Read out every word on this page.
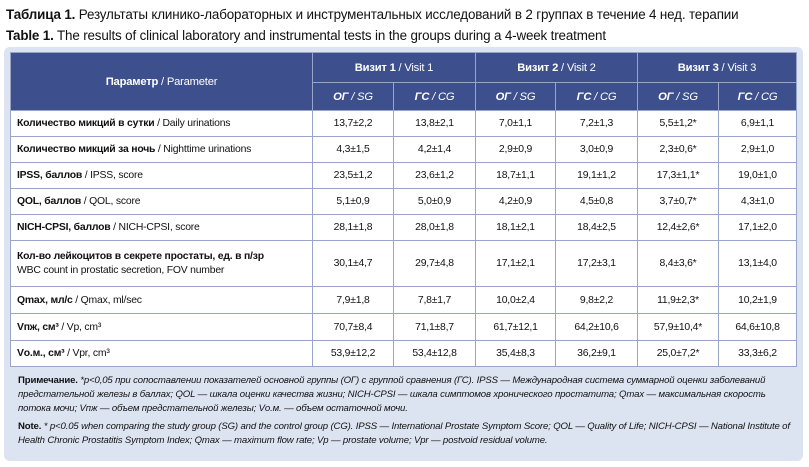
Таблица 1. Результаты клинико-лабораторных и инструментальных исследований в 2 группах в течение 4 нед. терапии
Table 1. The results of clinical laboratory and instrumental tests in the groups during a 4-week treatment
Параметр / Parameter	Визит 1 / Visit 1		Визит 2 / Visit 2		Визит 3 / Visit 3	
	ОГ / SG	ГС / CG	ОГ / SG	ГС / CG	ОГ / SG	ГС / CG
Количество микций в сутки / Daily urinations	13,7±2,2	13,8±2,1	7,0±1,1	7,2±1,3	5,5±1,2*	6,9±1,1
Количество микций за ночь / Nighttime urinations	4,3±1,5	4,2±1,4	2,9±0,9	3,0±0,9	2,3±0,6*	2,9±1,0
IPSS, баллов / IPSS, score	23,5±1,2	23,6±1,2	18,7±1,1	19,1±1,2	17,3±1,1*	19,0±1,0
QOL, баллов / QOL, score	5,1±0,9	5,0±0,9	4,2±0,9	4,5±0,8	3,7±0,7*	4,3±1,0
NICH-CPSI, баллов / NICH-CPSI, score	28,1±1,8	28,0±1,8	18,1±2,1	18,4±2,5	12,4±2,6*	17,1±2,0
Кол-во лейкоцитов в секрете простаты, ед. в п/зр
WBC count in prostatic secretion, FOV number	30,1±4,7	29,7±4,8	17,1±2,1	17,2±3,1	8,4±3,6*	13,1±4,0
Qmax, мл/с / Qmax, ml/sec	7,9±1,8	7,8±1,7	10,0±2,4	9,8±2,2	11,9±2,3*	10,2±1,9
Vпж, см³ / Vp, cm³	70,7±8,4	71,1±8,7	61,7±12,1	64,2±10,6	57,9±10,4*	64,6±10,8
Vо.м., см³ / Vpr, cm³	53,9±12,2	53,4±12,8	35,4±8,3	36,2±9,1	25,0±7,2*	33,3±6,2
Примечание. *р<0,05 при сопоставлении показателей основной группы (ОГ) с группой сравнения (ГС). IPSS — Международная система суммарной оценки заболеваний предстательной железы в баллах; QOL — шкала оценки качества жизни; NICH-CPSI — шкала симптомов хронического простатита; Qmax — максимальная скорость потока мочи; Vпж — объем предстательной железы; Vо.м. — объем остаточной мочи.
Note. * p<0.05 when comparing the study group (SG) and the control group (CG). IPSS — International Prostate Symptom Score; QOL — Quality of Life; NICH-CPSI — National Institute of Health Chronic Prostatitis Symptom Index; Qmax — maximum flow rate; Vp — prostate volume; Vpr — postvoid residual volume.
